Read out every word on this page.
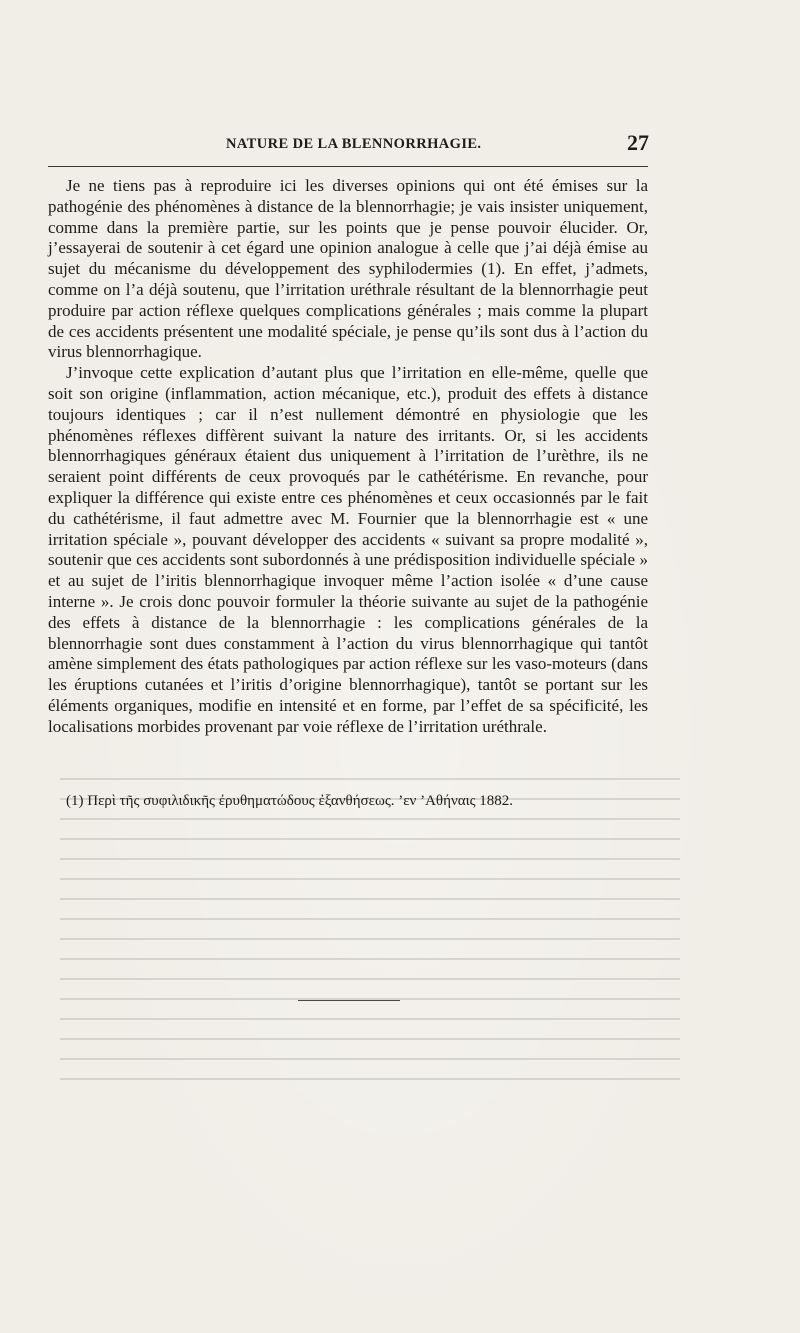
NATURE DE LA BLENNORRHAGIE.	27

Je ne tiens pas à reproduire ici les diverses opinions qui ont été émises sur la pathogénie des phénomènes à distance de la blennorrhagie; je vais insister uniquement, comme dans la première partie, sur les points que je pense pouvoir élucider. Or, j’essayerai de soutenir à cet égard une opinion analogue à celle que j’ai déjà émise au sujet du mécanisme du développement des syphilodermies (1). En effet, j’admets, comme on l’a déjà soutenu, que l’irritation uréthrale résultant de la blennorrhagie peut produire par action réflexe quelques complications générales ; mais comme la plupart de ces accidents présentent une modalité spéciale, je pense qu’ils sont dus à l’action du virus blennorrhagique.

J’invoque cette explication d’autant plus que l’irritation en elle-même, quelle que soit son origine (inflammation, action mécanique, etc.), produit des effets à distance toujours identiques ; car il n’est nullement démontré en physiologie que les phénomènes réflexes diffèrent suivant la nature des irritants. Or, si les accidents blennorrhagiques généraux étaient dus uniquement à l’irritation de l’urèthre, ils ne seraient point différents de ceux provoqués par le cathétérisme. En revanche, pour expliquer la différence qui existe entre ces phénomènes et ceux occasionnés par le fait du cathétérisme, il faut admettre avec M. Fournier que la blennorrhagie est « une irritation spéciale », pouvant développer des accidents « suivant sa propre modalité », soutenir que ces accidents sont subordonnés à une prédisposition individuelle spéciale » et au sujet de l’iritis blennorrhagique invoquer même l’action isolée « d’une cause interne ». Je crois donc pouvoir formuler la théorie suivante au sujet de la pathogénie des effets à distance de la blennorrhagie : les complications générales de la blennorrhagie sont dues constamment à l’action du virus blennorrhagique qui tantôt amène simplement des états pathologiques par action réflexe sur les vaso-moteurs (dans les éruptions cutanées et l’iritis d’origine blennorrhagique), tantôt se portant sur les éléments organiques, modifie en intensité et en forme, par l’effet de sa spécificité, les localisations morbides provenant par voie réflexe de l’irritation uréthrale.

(1) Περὶ τῆς συφιλιδικῆς ἐρυθηματώδους ἐξανθήσεως. ’εν ’Αθήναις 1882.
